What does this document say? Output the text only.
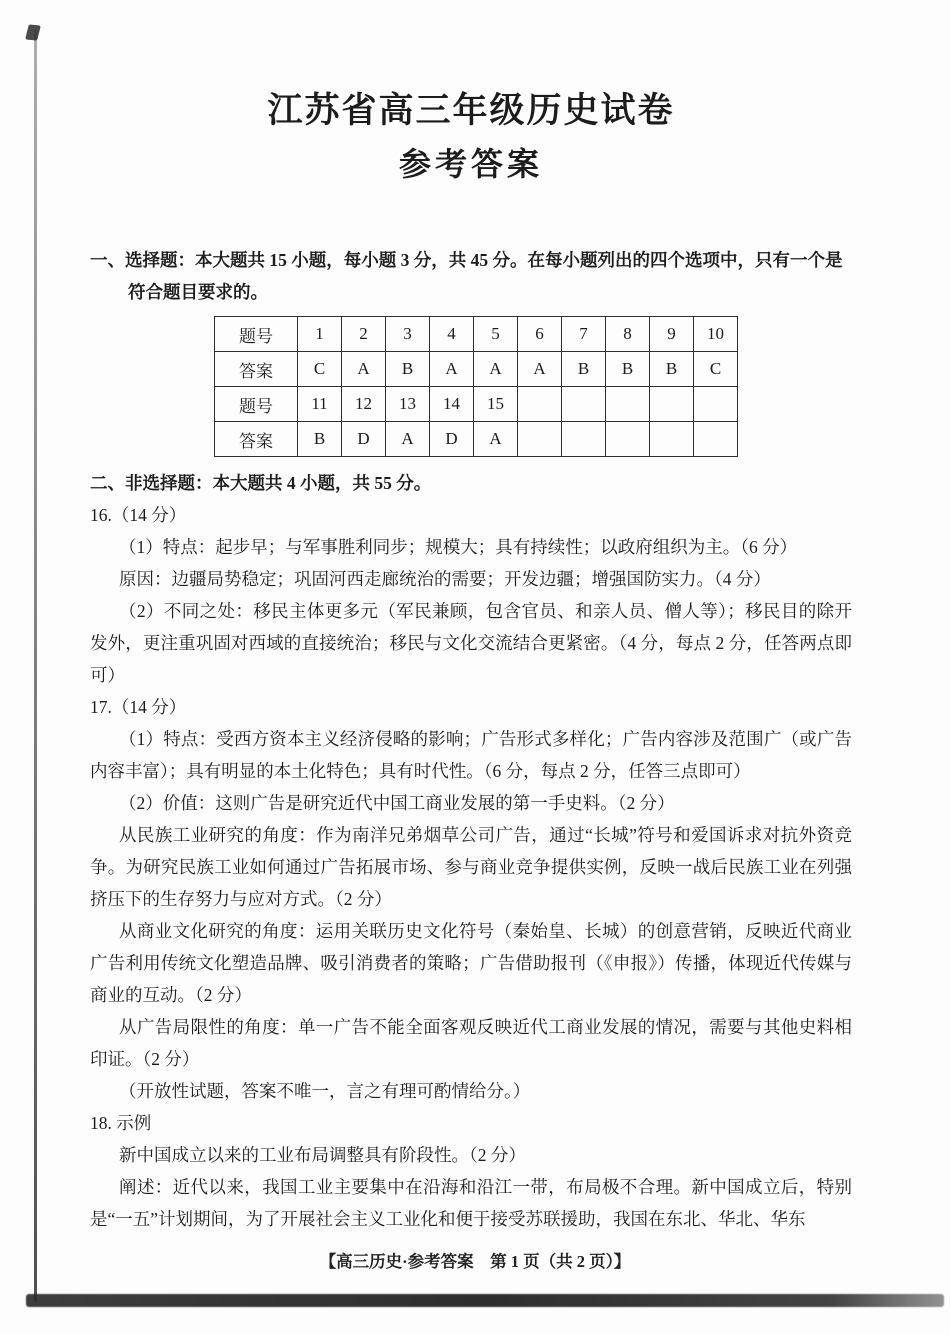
江苏省高三年级历史试卷
参考答案

一、选择题：本大题共 15 小题，每小题 3 分，共 45 分。在每小题列出的四个选项中，只有一个是符合题目要求的。

题号	1	2	3	4	5	6	7	8	9	10
答案	C	A	B	A	A	A	B	B	B	C
题号	11	12	13	14	15					
答案	B	D	A	D	A					

二、非选择题：本大题共 4 小题，共 55 分。

16.（14 分）

（1）特点：起步早；与军事胜利同步；规模大；具有持续性；以政府组织为主。（6 分）

原因：边疆局势稳定；巩固河西走廊统治的需要；开发边疆；增强国防实力。（4 分）

（2）不同之处：移民主体更多元（军民兼顾，包含官员、和亲人员、僧人等）；移民目的除开发外，更注重巩固对西域的直接统治；移民与文化交流结合更紧密。（4 分，每点 2 分，任答两点即可）

17.（14 分）

（1）特点：受西方资本主义经济侵略的影响；广告形式多样化；广告内容涉及范围广（或广告内容丰富）；具有明显的本土化特色；具有时代性。（6 分，每点 2 分，任答三点即可）

（2）价值：这则广告是研究近代中国工商业发展的第一手史料。（2 分）

从民族工业研究的角度：作为南洋兄弟烟草公司广告，通过“长城”符号和爱国诉求对抗外资竞争。为研究民族工业如何通过广告拓展市场、参与商业竞争提供实例，反映一战后民族工业在列强挤压下的生存努力与应对方式。（2 分）

从商业文化研究的角度：运用关联历史文化符号（秦始皇、长城）的创意营销，反映近代商业广告利用传统文化塑造品牌、吸引消费者的策略；广告借助报刊（《申报》）传播，体现近代传媒与商业的互动。（2 分）

从广告局限性的角度：单一广告不能全面客观反映近代工商业发展的情况，需要与其他史料相印证。（2 分）

（开放性试题，答案不唯一，言之有理可酌情给分。）

18. 示例

新中国成立以来的工业布局调整具有阶段性。（2 分）

阐述：近代以来，我国工业主要集中在沿海和沿江一带，布局极不合理。新中国成立后，特别是“一五”计划期间，为了开展社会主义工业化和便于接受苏联援助，我国在东北、华北、华东

【高三历史·参考答案　第 1 页（共 2 页）】
